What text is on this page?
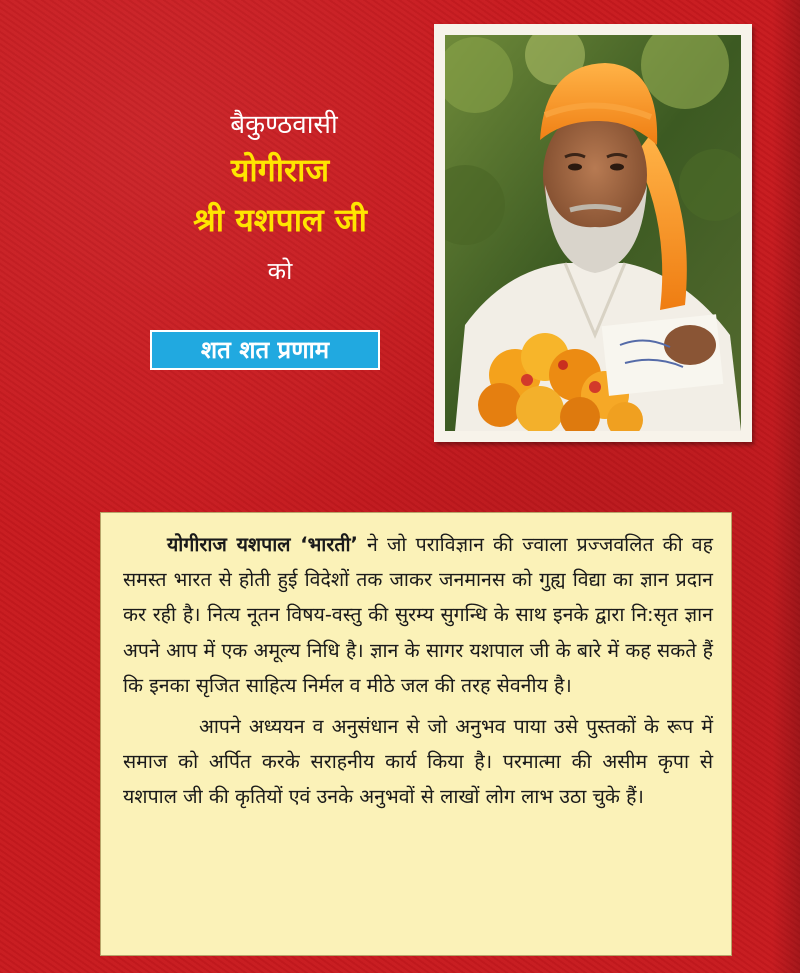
बैकुण्ठवासी
योगीराज
श्री यशपाल जी
को
शत शत प्रणाम

योगीराज यशपाल ‘भारती’ ने जो पराविज्ञान की ज्वाला प्रज्जवलित की वह समस्त भारत से होती हुई विदेशों तक जाकर जनमानस को गुह्य विद्या का ज्ञान प्रदान कर रही है। नित्य नूतन विषय-वस्तु की सुरम्य सुगन्धि के साथ इनके द्वारा नि:सृत ज्ञान अपने आप में एक अमूल्य निधि है। ज्ञान के सागर यशपाल जी के बारे में कह सकते हैं कि इनका सृजित साहित्य निर्मल व मीठे जल की तरह सेवनीय है।

आपने अध्ययन व अनुसंधान से जो अनुभव पाया उसे पुस्तकों के रूप में समाज को अर्पित करके सराहनीय कार्य किया है। परमात्मा की असीम कृपा से यशपाल जी की कृतियों एवं उनके अनुभवों से लाखों लोग लाभ उठा चुके हैं।
